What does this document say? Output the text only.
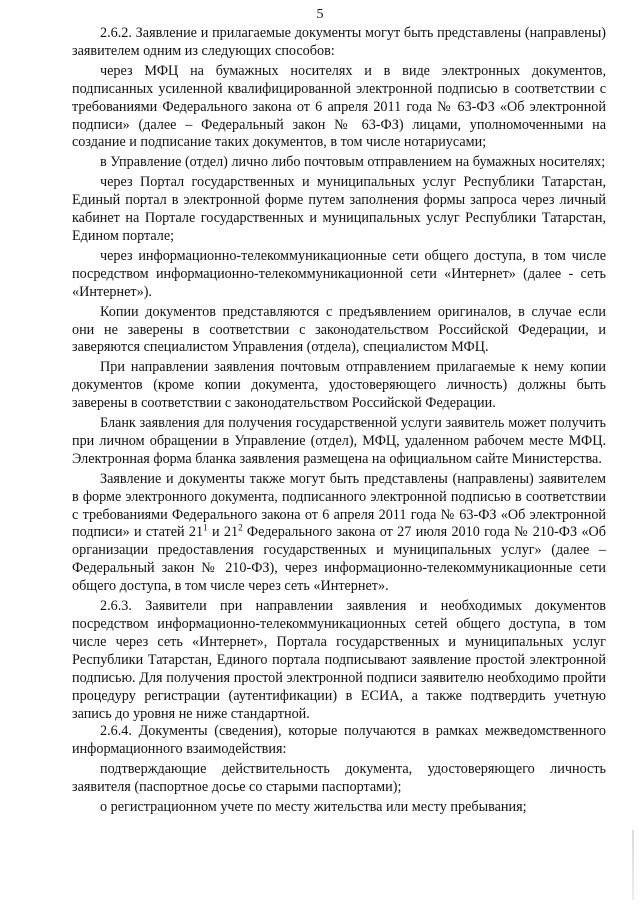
5

2.6.2. Заявление и прилагаемые документы могут быть представлены (направлены) заявителем одним из следующих способов:

через МФЦ на бумажных носителях и в виде электронных документов, подписанных усиленной квалифицированной электронной подписью в соответствии с требованиями Федерального закона от 6 апреля 2011 года № 63-ФЗ «Об электронной подписи» (далее – Федеральный закон № 63-ФЗ) лицами, уполномоченными на создание и подписание таких документов, в том числе нотариусами;

в Управление (отдел) лично либо почтовым отправлением на бумажных носителях;

через Портал государственных и муниципальных услуг Республики Татарстан, Единый портал в электронной форме путем заполнения формы запроса через личный кабинет на Портале государственных и муниципальных услуг Республики Татарстан, Едином портале;

через информационно-телекоммуникационные сети общего доступа, в том числе посредством информационно-телекоммуникационной сети «Интернет» (далее - сеть «Интернет»).

Копии документов представляются с предъявлением оригиналов, в случае если они не заверены в соответствии с законодательством Российской Федерации, и заверяются специалистом Управления (отдела), специалистом МФЦ.

При направлении заявления почтовым отправлением прилагаемые к нему копии документов (кроме копии документа, удостоверяющего личность) должны быть заверены в соответствии с законодательством Российской Федерации.

Бланк заявления для получения государственной услуги заявитель может получить при личном обращении в Управление (отдел), МФЦ, удаленном рабочем месте МФЦ. Электронная форма бланка заявления размещена на официальном сайте Министерства.

Заявление и документы также могут быть представлены (направлены) заявителем в форме электронного документа, подписанного электронной подписью в соответствии с требованиями Федерального закона от 6 апреля 2011 года № 63-ФЗ «Об электронной подписи» и статей $21^1$ и $21^2$ Федерального закона от 27 июля 2010 года № 210-ФЗ «Об организации предоставления государственных и муниципальных услуг» (далее – Федеральный закон № 210-ФЗ), через информационно-телекоммуникационные сети общего доступа, в том числе через сеть «Интернет».

2.6.3. Заявители при направлении заявления и необходимых документов посредством информационно-телекоммуникационных сетей общего доступа, в том числе через сеть «Интернет», Портала государственных и муниципальных услуг Республики Татарстан, Единого портала подписывают заявление простой электронной подписью. Для получения простой электронной подписи заявителю необходимо пройти процедуру регистрации (аутентификации) в ЕСИА, а также подтвердить учетную запись до уровня не ниже стандартной.

2.6.4. Документы (сведения), которые получаются в рамках межведомственного информационного взаимодействия:

подтверждающие действительность документа, удостоверяющего личность заявителя (паспортное досье со старыми паспортами);

о регистрационном учете по месту жительства или месту пребывания;
